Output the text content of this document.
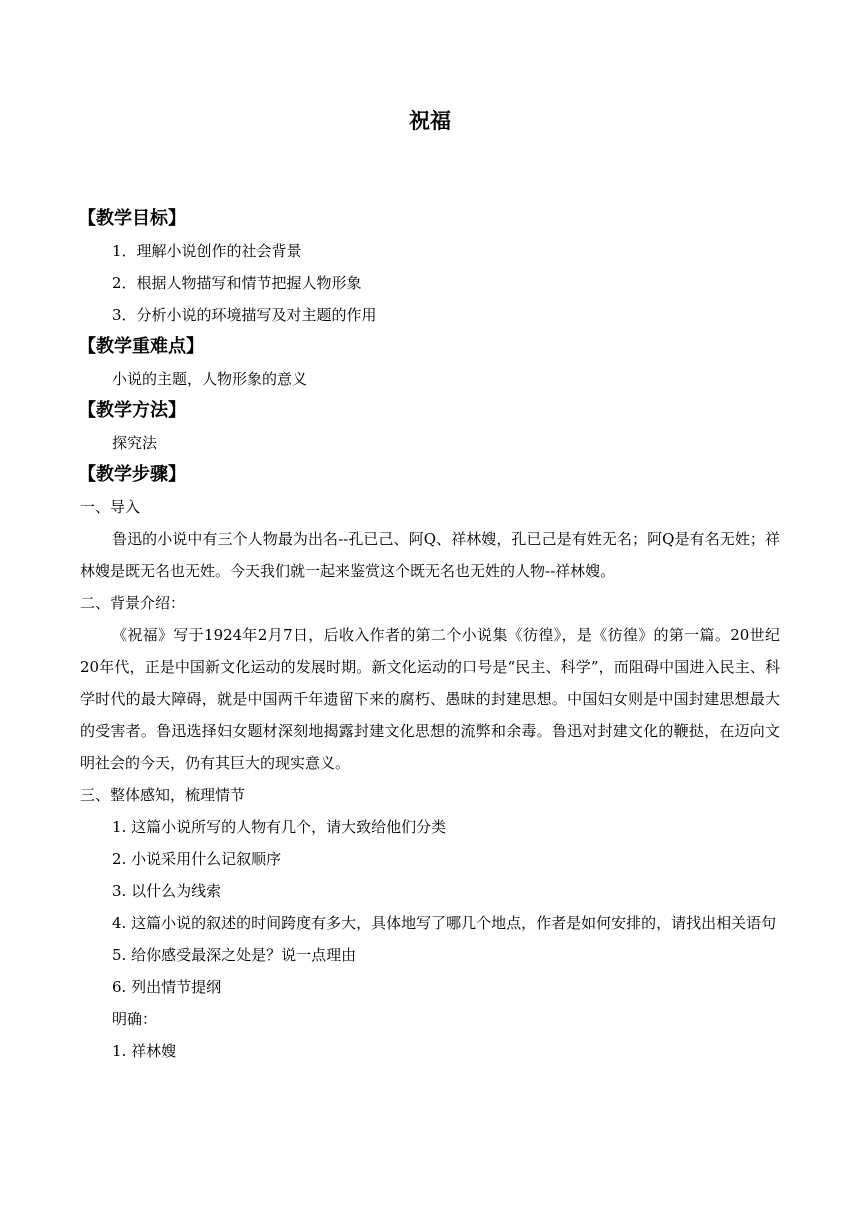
祝福
【教学目标】
1．理解小说创作的社会背景
2．根据人物描写和情节把握人物形象
3．分析小说的环境描写及对主题的作用
【教学重难点】
小说的主题，人物形象的意义
【教学方法】
探究法
【教学步骤】
一、导入

鲁迅的小说中有三个人物最为出名--孔已己、阿Q、祥林嫂，孔已己是有姓无名；阿Q是有名无姓；祥林嫂是既无名也无姓。今天我们就一起来鉴赏这个既无名也无姓的人物--祥林嫂。

二、背景介绍：

《祝福》写于1924年2月7日，后收入作者的第二个小说集《彷徨》，是《彷徨》的第一篇。20世纪20年代，正是中国新文化运动的发展时期。新文化运动的口号是“民主、科学”，而阻碍中国进入民主、科学时代的最大障碍，就是中国两千年遗留下来的腐朽、愚昧的封建思想。中国妇女则是中国封建思想最大的受害者。鲁迅选择妇女题材深刻地揭露封建文化思想的流弊和余毒。鲁迅对封建文化的鞭挞，在迈向文明社会的今天，仍有其巨大的现实意义。

三、整体感知，梳理情节
1. 这篇小说所写的人物有几个，请大致给他们分类
2. 小说采用什么记叙顺序
3. 以什么为线索

4. 这篇小说的叙述的时间跨度有多大，具体地写了哪几个地点，作者是如何安排的，请找出相关语句

5. 给你感受最深之处是？说一点理由
6. 列出情节提纲
明确：
1. 祥林嫂
